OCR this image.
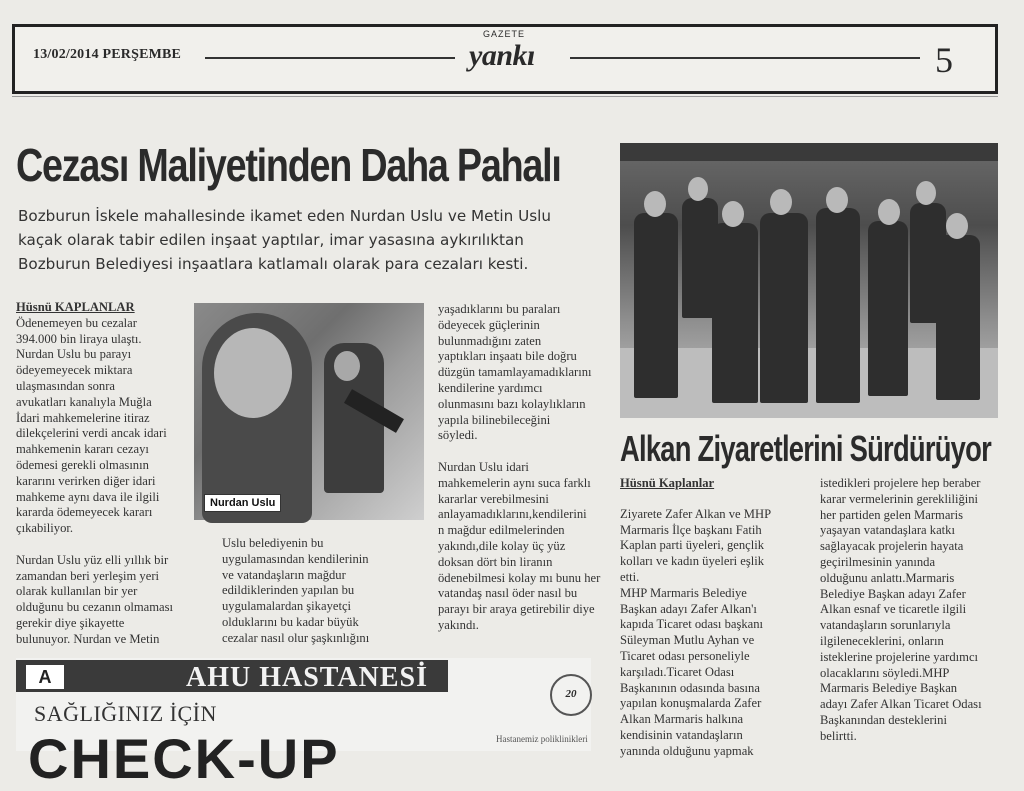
13/02/2014 PERŞEMBE
GAZETE
yankı	5
Cezası Maliyetinden Daha Pahalı
Bozburun İskele mahallesinde ikamet eden Nurdan Uslu ve Metin Uslu
kaçak olarak tabir edilen inşaat yaptılar, imar yasasına aykırılıktan
Bozburun Belediyesi inşaatlara katlamalı olarak para cezaları kesti.
Hüsnü KAPLANLAR
Ödenemeyen bu cezalar
394.000 bin liraya ulaştı.
Nurdan Uslu bu parayı
ödeyemeyecek miktara
ulaşmasından sonra
avukatları kanalıyla Muğla
İdari mahkemelerine itiraz
dilekçelerini verdi ancak idari
mahkemenin kararı cezayı
ödemesi gerekli olmasının
kararını verirken diğer idari
mahkeme aynı dava ile ilgili
kararda ödemeyecek kararı
çıkabiliyor.
Nurdan Uslu yüz elli yıllık bir
zamandan beri yerleşim yeri
olarak kullanılan bir yer
olduğunu bu cezanın olmaması
gerekir diye şikayette
bulunuyor. Nurdan ve Metin
Nurdan Uslu
Uslu belediyenin bu
uygulamasından kendilerinin
ve vatandaşların mağdur
edildiklerinden yapılan bu
uygulamalardan şikayetçi
olduklarını bu kadar büyük
cezalar nasıl olur şaşkınlığını
yaşadıklarını bu paraları
ödeyecek güçlerinin
bulunmadığını zaten
yaptıkları inşaatı bile doğru
düzgün tamamlayamadıklarını
kendilerine yardımcı
olunmasını bazı kolaylıkların
yapıla bilinebileceğini
söyledi.
Nurdan Uslu idari
mahkemelerin aynı suca farklı
kararlar verebilmesini
anlayamadıklarını,kendilerini
n mağdur edilmelerinden
yakındı,dile kolay üç yüz
doksan dört bin liranın
ödenebilmesi kolay mı bunu her
vatandaş nasıl öder nasıl bu
parayı bir araya getirebilir diye
yakındı.
Alkan Ziyaretlerini Sürdürüyor
Hüsnü Kaplanlar
Ziyarete Zafer Alkan ve MHP
Marmaris İlçe başkanı Fatih
Kaplan parti üyeleri, gençlik
kolları ve kadın üyeleri eşlik
etti.
MHP Marmaris Belediye
Başkan adayı Zafer Alkan'ı
kapıda Ticaret odası başkanı
Süleyman Mutlu Ayhan ve
Ticaret odası personeliyle
karşıladı.Ticaret Odası
Başkanının odasında basına
yapılan konuşmalarda Zafer
Alkan Marmaris halkına
kendisinin vatandaşların
yanında olduğunu yapmak
istedikleri projelere hep beraber
karar vermelerinin gerekliliğini
her partiden gelen Marmaris
yaşayan vatandaşlara katkı
sağlayacak projelerin hayata
geçirilmesinin yanında
olduğunu anlattı.Marmaris
Belediye Başkan adayı Zafer
Alkan esnaf ve ticaretle ilgili
vatandaşların sorunlarıyla
ilgileneceklerini, onların
isteklerine projelerine yardımcı
olacaklarını söyledi.MHP
Marmaris Belediye Başkan
adayı Zafer Alkan Ticaret Odası
Başkanından desteklerini
belirtti.
A	AHU HASTANESİ
SAĞLIĞINIZ İÇİN
CHECK-UP
20
Hastanemiz poliklinikleri
